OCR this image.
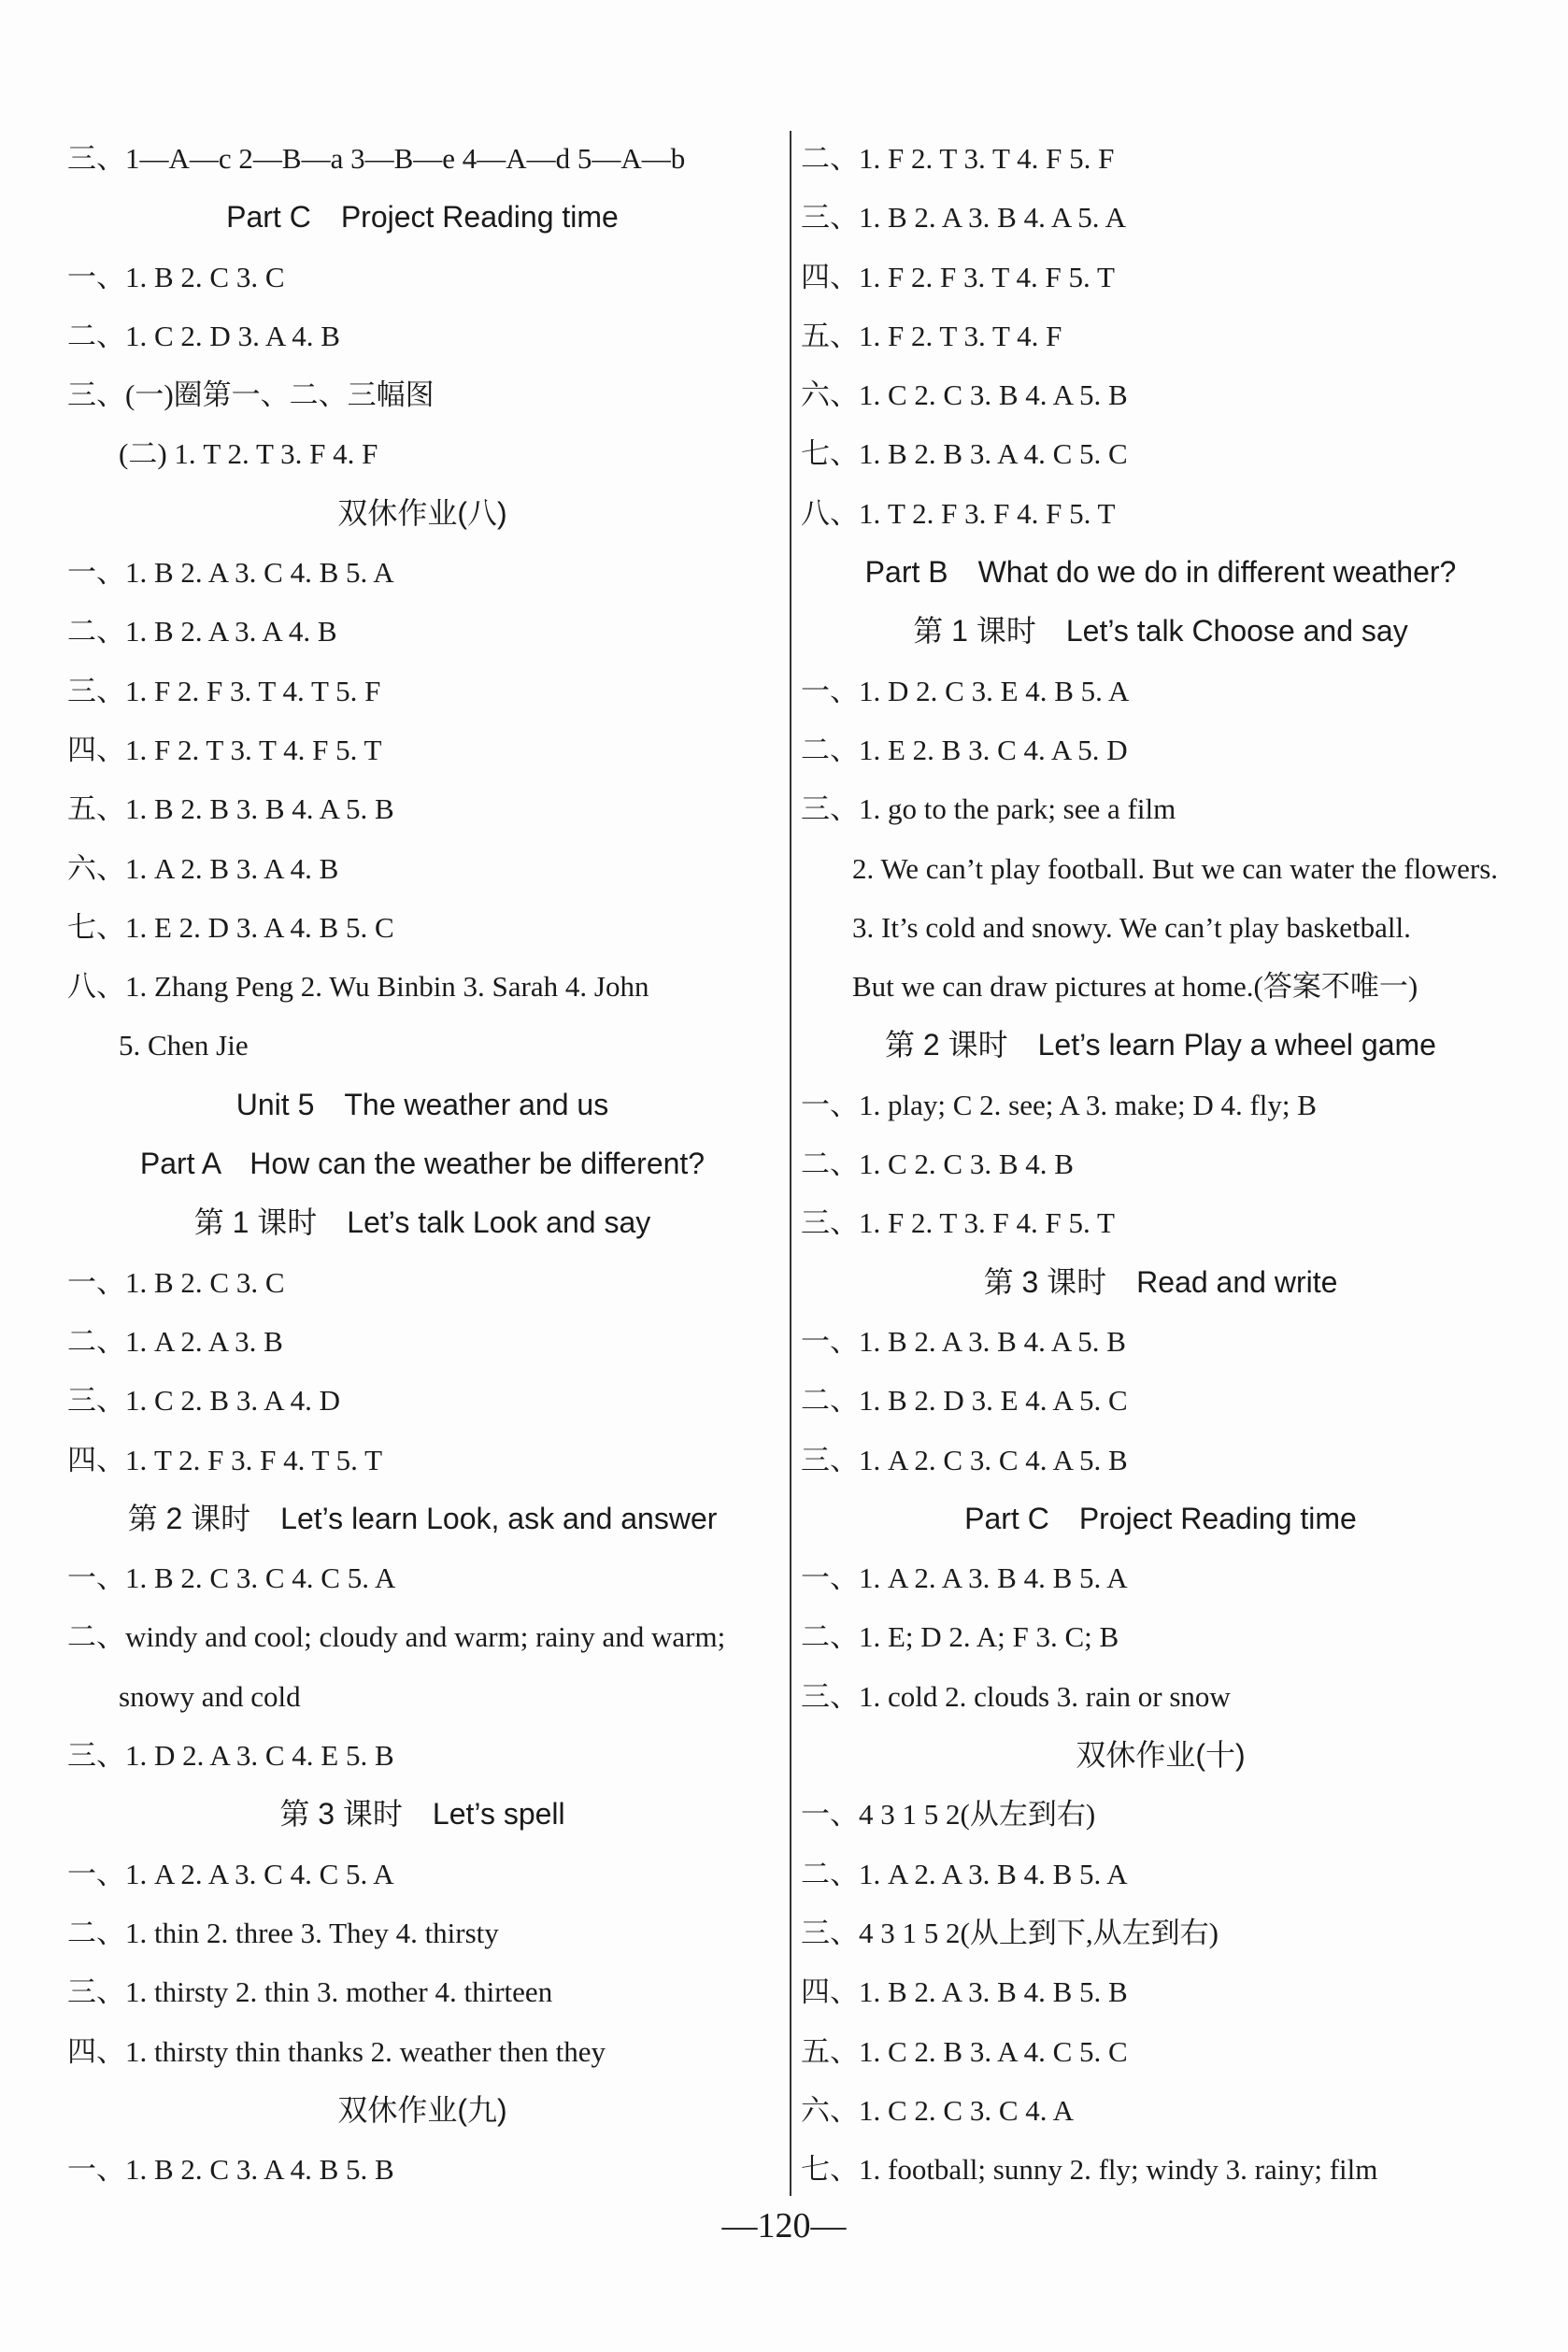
三、1—A—c 2—B—a 3—B—e 4—A—d 5—A—b
Part C　Project Reading time
一、1. B 2. C 3. C
二、1. C 2. D 3. A 4. B
三、(一)圈第一、二、三幅图
(二) 1. T 2. T 3. F 4. F
双休作业(八)
一、1. B 2. A 3. C 4. B 5. A
二、1. B 2. A 3. A 4. B
三、1. F 2. F 3. T 4. T 5. F
四、1. F 2. T 3. T 4. F 5. T
五、1. B 2. B 3. B 4. A 5. B
六、1. A 2. B 3. A 4. B
七、1. E 2. D 3. A 4. B 5. C
八、1. Zhang Peng 2. Wu Binbin 3. Sarah 4. John
5. Chen Jie
Unit 5　The weather and us
Part A　How can the weather be different?
第 1 课时　Let’s talk Look and say
一、1. B 2. C 3. C
二、1. A 2. A 3. B
三、1. C 2. B 3. A 4. D
四、1. T 2. F 3. F 4. T 5. T
第 2 课时　Let’s learn Look, ask and answer
一、1. B 2. C 3. C 4. C 5. A
二、windy and cool; cloudy and warm; rainy and warm;
snowy and cold
三、1. D 2. A 3. C 4. E 5. B
第 3 课时　Let’s spell
一、1. A 2. A 3. C 4. C 5. A
二、1. thin 2. three 3. They 4. thirsty
三、1. thirsty 2. thin 3. mother 4. thirteen
四、1. thirsty thin thanks 2. weather then they
双休作业(九)
一、1. B 2. C 3. A 4. B 5. B
二、1. F 2. T 3. T 4. F 5. F
三、1. B 2. A 3. B 4. A 5. A
四、1. F 2. F 3. T 4. F 5. T
五、1. F 2. T 3. T 4. F
六、1. C 2. C 3. B 4. A 5. B
七、1. B 2. B 3. A 4. C 5. C
八、1. T 2. F 3. F 4. F 5. T
Part B　What do we do in different weather?
第 1 课时　Let’s talk Choose and say
一、1. D 2. C 3. E 4. B 5. A
二、1. E 2. B 3. C 4. A 5. D
三、1. go to the park; see a film
2. We can’t play football. But we can water the flowers.
3. It’s cold and snowy. We can’t play basketball.
But we can draw pictures at home.(答案不唯一)
第 2 课时　Let’s learn Play a wheel game
一、1. play; C 2. see; A 3. make; D 4. fly; B
二、1. C 2. C 3. B 4. B
三、1. F 2. T 3. F 4. F 5. T
第 3 课时　Read and write
一、1. B 2. A 3. B 4. A 5. B
二、1. B 2. D 3. E 4. A 5. C
三、1. A 2. C 3. C 4. A 5. B
Part C　Project Reading time
一、1. A 2. A 3. B 4. B 5. A
二、1. E; D 2. A; F 3. C; B
三、1. cold 2. clouds 3. rain or snow
双休作业(十)
一、4 3 1 5 2(从左到右)
二、1. A 2. A 3. B 4. B 5. A
三、4 3 1 5 2(从上到下,从左到右)
四、1. B 2. A 3. B 4. B 5. B
五、1. C 2. B 3. A 4. C 5. C
六、1. C 2. C 3. C 4. A
七、1. football; sunny 2. fly; windy 3. rainy; film
—120—
